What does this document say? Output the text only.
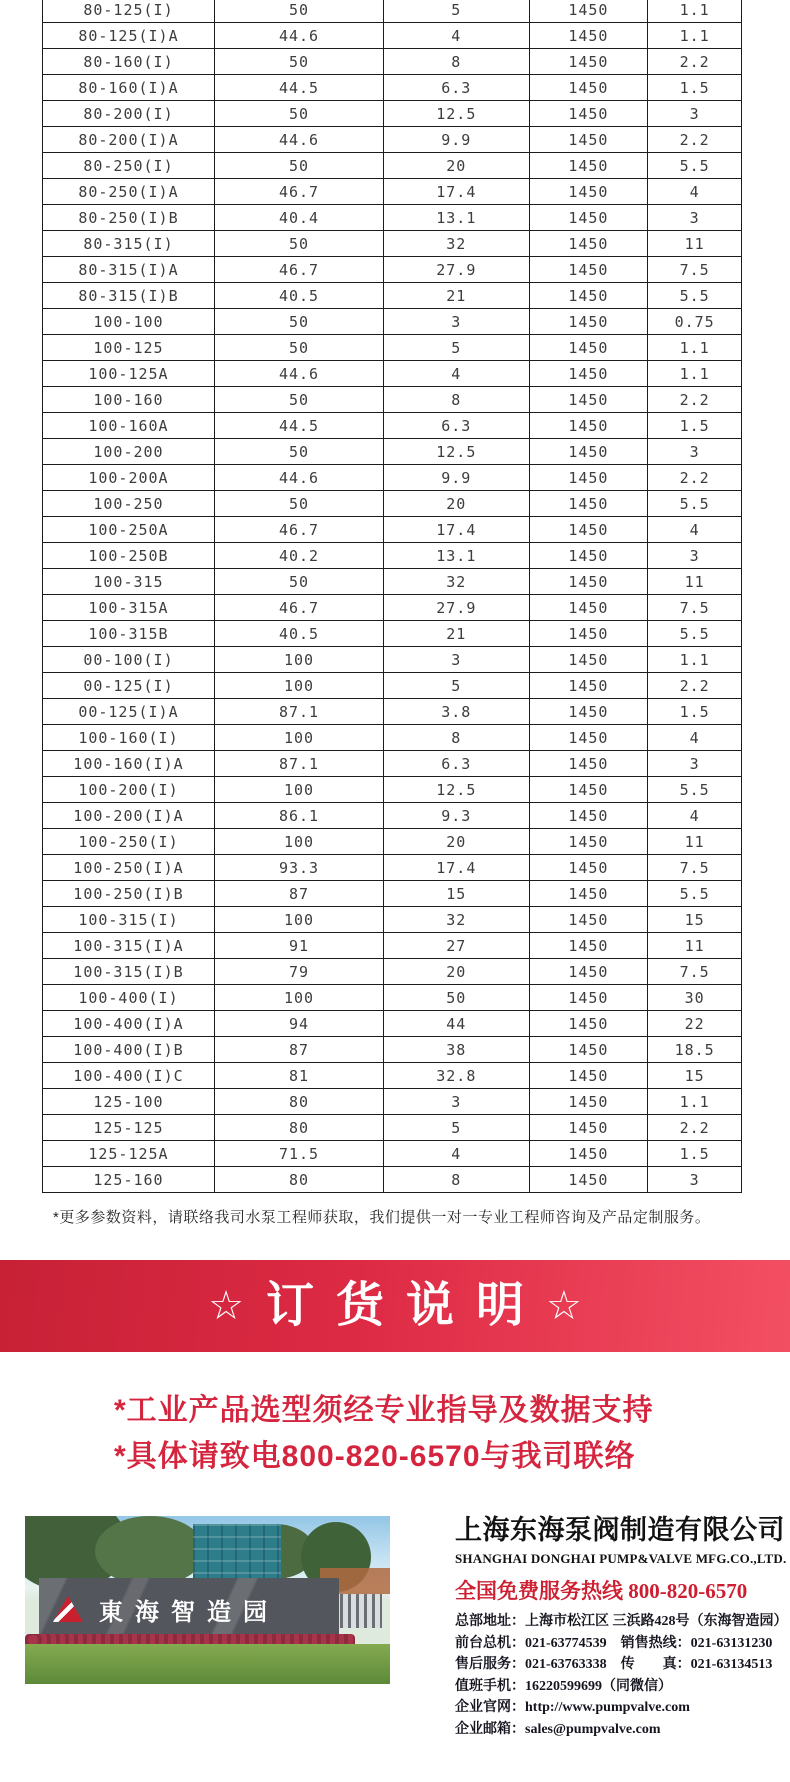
80-125(I)	50	5	1450	1.1
80-125(I)A	44.6	4	1450	1.1
80-160(I)	50	8	1450	2.2
80-160(I)A	44.5	6.3	1450	1.5
80-200(I)	50	12.5	1450	3
80-200(I)A	44.6	9.9	1450	2.2
80-250(I)	50	20	1450	5.5
80-250(I)A	46.7	17.4	1450	4
80-250(I)B	40.4	13.1	1450	3
80-315(I)	50	32	1450	11
80-315(I)A	46.7	27.9	1450	7.5
80-315(I)B	40.5	21	1450	5.5
100-100	50	3	1450	0.75
100-125	50	5	1450	1.1
100-125A	44.6	4	1450	1.1
100-160	50	8	1450	2.2
100-160A	44.5	6.3	1450	1.5
100-200	50	12.5	1450	3
100-200A	44.6	9.9	1450	2.2
100-250	50	20	1450	5.5
100-250A	46.7	17.4	1450	4
100-250B	40.2	13.1	1450	3
100-315	50	32	1450	11
100-315A	46.7	27.9	1450	7.5
100-315B	40.5	21	1450	5.5
00-100(I)	100	3	1450	1.1
00-125(I)	100	5	1450	2.2
00-125(I)A	87.1	3.8	1450	1.5
100-160(I)	100	8	1450	4
100-160(I)A	87.1	6.3	1450	3
100-200(I)	100	12.5	1450	5.5
100-200(I)A	86.1	9.3	1450	4
100-250(I)	100	20	1450	11
100-250(I)A	93.3	17.4	1450	7.5
100-250(I)B	87	15	1450	5.5
100-315(I)	100	32	1450	15
100-315(I)A	91	27	1450	11
100-315(I)B	79	20	1450	7.5
100-400(I)	100	50	1450	30
100-400(I)A	94	44	1450	22
100-400(I)B	87	38	1450	18.5
100-400(I)C	81	32.8	1450	15
125-100	80	3	1450	1.1
125-125	80	5	1450	2.2
125-125A	71.5	4	1450	1.5
125-160	80	8	1450	3
*更多参数资料，请联络我司水泵工程师获取，我们提供一对一专业工程师咨询及产品定制服务。
☆ 订货说明 ☆
*工业产品选型须经专业指导及数据支持
*具体请致电800-820-6570与我司联络
東海智造园
上海东海泵阀制造有限公司
SHANGHAI DONGHAI PUMP&VALVE MFG.CO.,LTD.
全国免费服务热线 800-820-6570
总部地址：上海市松江区 三浜路428号（东海智造园）
前台总机：021-63774539　销售热线：021-63131230
售后服务：021-63763338　传　　真：021-63134513
值班手机：16220599699（同微信）
企业官网：http://www.pumpvalve.com
企业邮箱：sales@pumpvalve.com
